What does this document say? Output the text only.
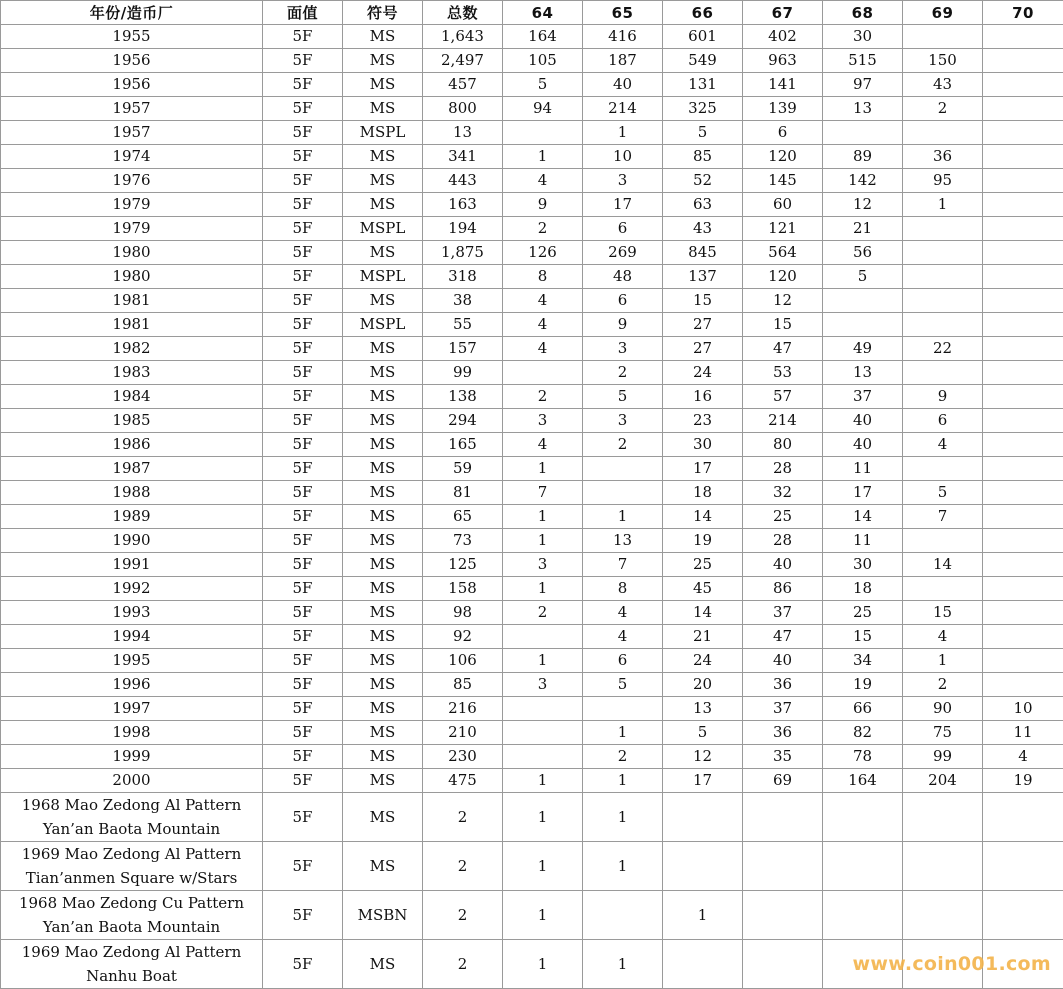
年份/造币厂	面值	符号	总数	64	65	66	67	68	69	70
1955	5F	MS	1,643	164	416	601	402	30		
1956	5F	MS	2,497	105	187	549	963	515	150	
1956	5F	MS	457	5	40	131	141	97	43	
1957	5F	MS	800	94	214	325	139	13	2	
1957	5F	MSPL	13		1	5	6			
1974	5F	MS	341	1	10	85	120	89	36	
1976	5F	MS	443	4	3	52	145	142	95	
1979	5F	MS	163	9	17	63	60	12	1	
1979	5F	MSPL	194	2	6	43	121	21		
1980	5F	MS	1,875	126	269	845	564	56		
1980	5F	MSPL	318	8	48	137	120	5		
1981	5F	MS	38	4	6	15	12			
1981	5F	MSPL	55	4	9	27	15			
1982	5F	MS	157	4	3	27	47	49	22	
1983	5F	MS	99		2	24	53	13		
1984	5F	MS	138	2	5	16	57	37	9	
1985	5F	MS	294	3	3	23	214	40	6	
1986	5F	MS	165	4	2	30	80	40	4	
1987	5F	MS	59	1		17	28	11		
1988	5F	MS	81	7		18	32	17	5	
1989	5F	MS	65	1	1	14	25	14	7	
1990	5F	MS	73	1	13	19	28	11		
1991	5F	MS	125	3	7	25	40	30	14	
1992	5F	MS	158	1	8	45	86	18		
1993	5F	MS	98	2	4	14	37	25	15	
1994	5F	MS	92		4	21	47	15	4	
1995	5F	MS	106	1	6	24	40	34	1	
1996	5F	MS	85	3	5	20	36	19	2	
1997	5F	MS	216			13	37	66	90	10
1998	5F	MS	210		1	5	36	82	75	11
1999	5F	MS	230		2	12	35	78	99	4
2000	5F	MS	475	1	1	17	69	164	204	19

1968 Mao Zedong Al Pattern
Yan’an Baota Mountain	5F	MS	2	1	1					

1969 Mao Zedong Al Pattern
Tian’anmen Square w/Stars	5F	MS	2	1	1					

1968 Mao Zedong Cu Pattern
Yan’an Baota Mountain	5F	MSBN	2	1		1				

1969 Mao Zedong Al Pattern
Nanhu Boat	5F	MS	2	1	1						www.coin001.com
